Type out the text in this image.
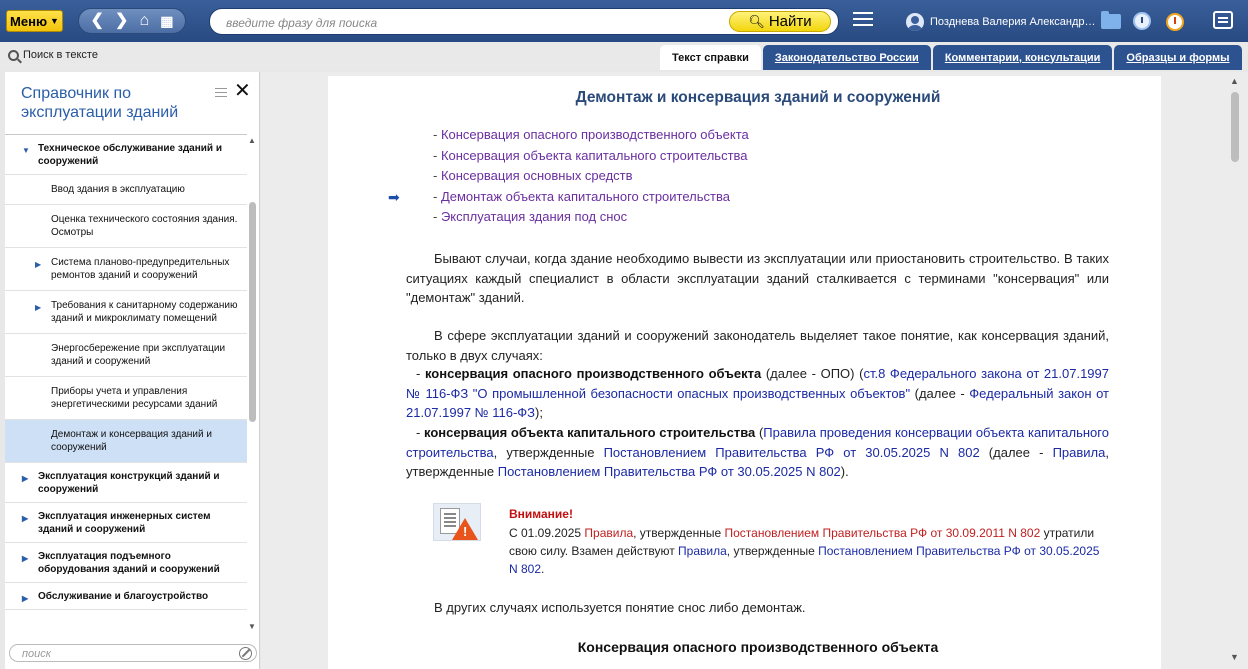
Меню ▼ ❮ ❯ ⌂ ▦
введите фразу для поиска	🔍︎ Найти	Позднева Валерия Александр…
Поиск в тексте	Текст справки	Законодательство России	Комментарии, консультации	Образцы и формы
Справочник по эксплуатации зданий
✕
▼ Техническое обслуживание зданий и сооружений
Ввод здания в эксплуатацию
Оценка технического состояния здания. Осмотры
▶ Система планово-предупредительных ремонтов зданий и сооружений
▶ Требования к санитарному содержанию зданий и микроклимату помещений
Энергосбережение при эксплуатации зданий и сооружений
Приборы учета и управления энергетическими ресурсами зданий
Демонтаж и консервация зданий и сооружений
▶ Эксплуатация конструкций зданий и сооружений
▶ Эксплуатация инженерных систем зданий и сооружений
▶ Эксплуатация подъемного оборудования зданий и сооружений
▶ Обслуживание и благоустройство
▲
▼
поиск
Демонтаж и консервация зданий и сооружений
- Консервация опасного производственного объекта
- Консервация объекта капитального строительства
- Консервация основных средств
- Демонтаж объекта капитального строительства
- Эксплуатация здания под снос
➡

Бывают случаи, когда здание необходимо вывести из эксплуатации или приостановить строительство. В таких ситуациях каждый специалист в области эксплуатации зданий сталкивается с терминами "консервация" или "демонтаж" зданий.

В сфере эксплуатации зданий и сооружений законодатель выделяет такое понятие, как консервация зданий, только в двух случаях:

- консервация опасного производственного объекта (далее - ОПО) (ст.8 Федерального закона от 21.07.1997 № 116-ФЗ "О промышленной безопасности опасных производственных объектов" (далее - Федеральный закон от 21.07.1997 № 116-ФЗ);

- консервация объекта капитального строительства (Правила проведения консервации объекта капитального строительства, утвержденные Постановлением Правительства РФ от 30.05.2025 N 802 (далее - Правила, утвержденные Постановлением Правительства РФ от 30.05.2025 N 802).

!
Внимание!

С 01.09.2025 Правила, утвержденные Постановлением Правительства РФ от 30.09.2011 N 802 утратили свою силу. Взамен действуют Правила, утвержденные Постановлением Правительства РФ от 30.05.2025 N 802.

В других случаях используется понятие снос либо демонтаж.

Консервация опасного производственного объекта
▲
▼
